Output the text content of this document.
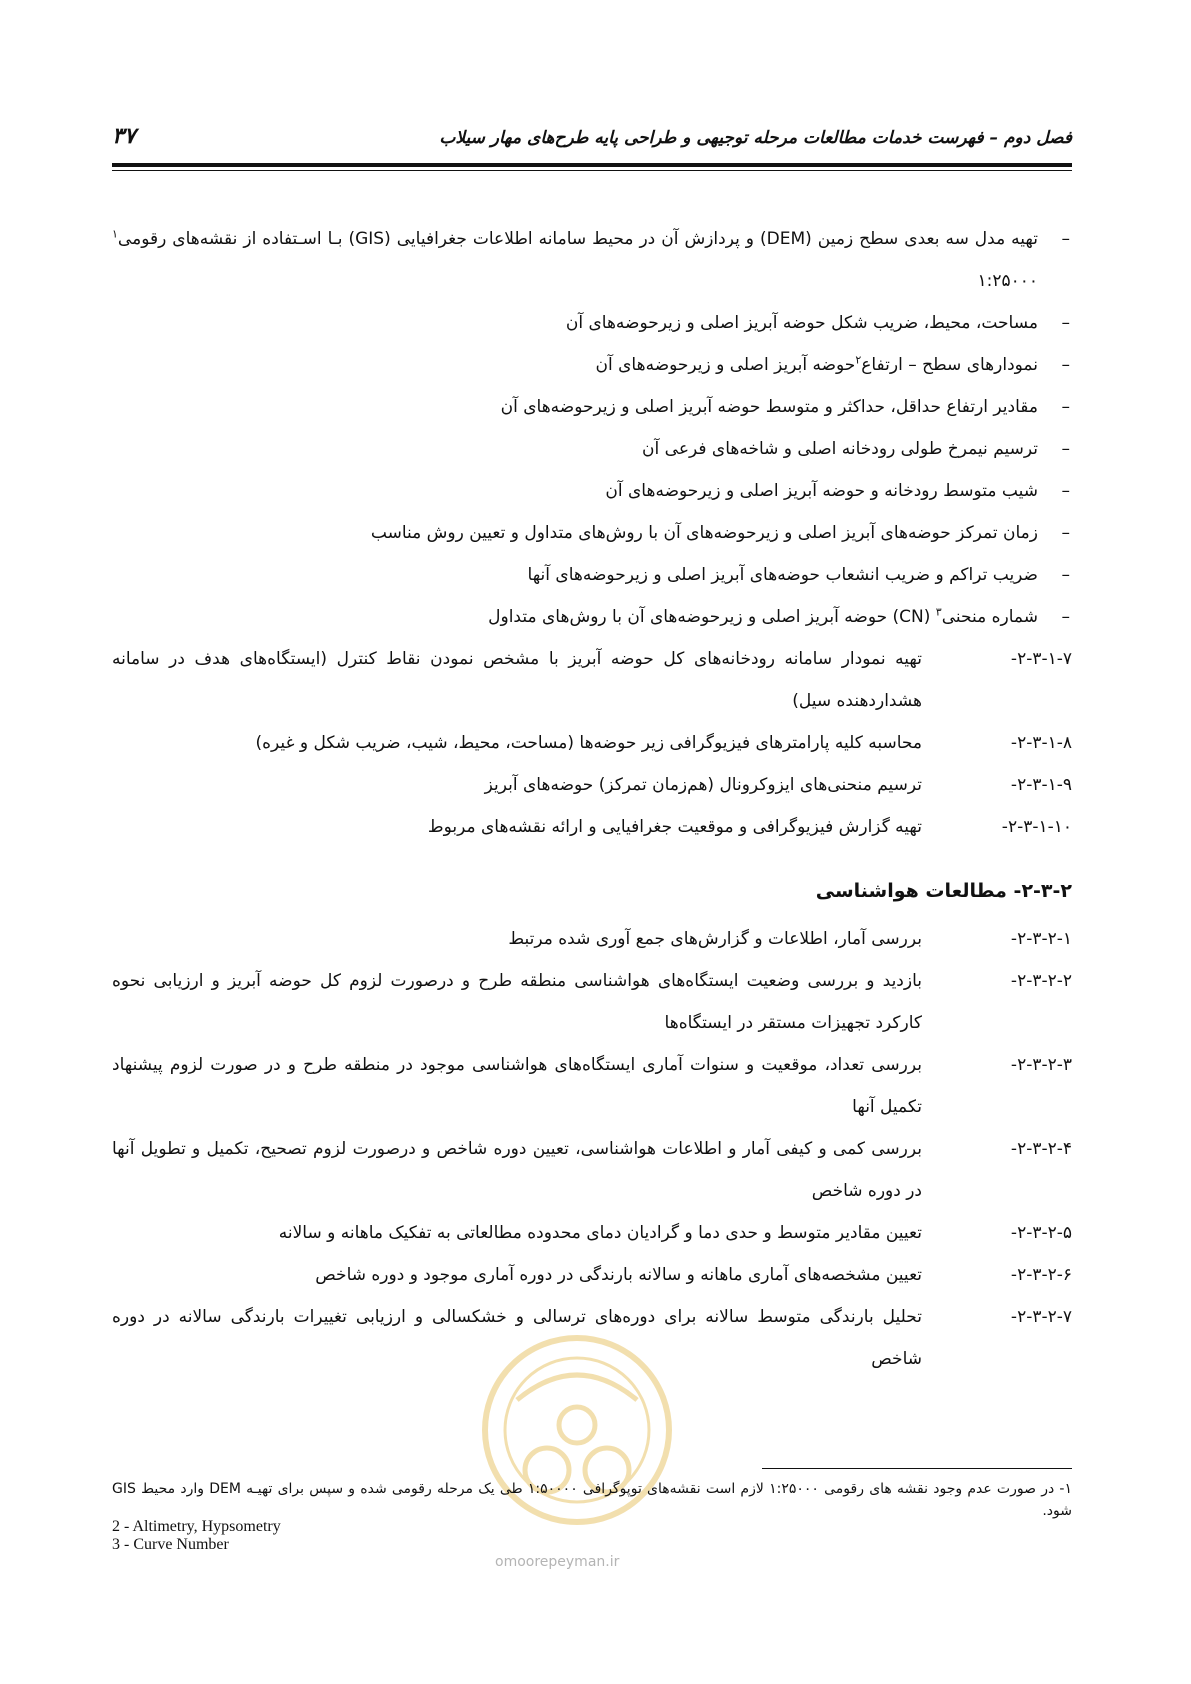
فصل دوم – فهرست خدمات مطالعات مرحله توجیهی و طراحی پایه طرح‌های مهار سیلاب
۳۷

–
تهیه مدل سه بعدی سطح زمین (DEM) و پردازش آن در محیط سامانه اطلاعات جغرافیایی (GIS) بـا اسـتفاده از نقشه‌های رقومی$^۱$ ۱:۲۵۰۰۰

–
مساحت، محیط، ضریب شکل حوضه آبریز اصلی و زیرحوضه‌های آن

–
نمودارهای سطح – ارتفاع$^۲$حوضه آبریز اصلی و زیرحوضه‌های آن

–
مقادیر ارتفاع حداقل، حداکثر و متوسط حوضه آبریز اصلی و زیرحوضه‌های آن

–
ترسیم نیمرخ طولی رودخانه اصلی و شاخه‌های فرعی آن

–
شیب متوسط رودخانه و حوضه آبریز اصلی و زیرحوضه‌های آن

–
زمان تمرکز حوضه‌های آبریز اصلی و زیرحوضه‌های آن با روش‌های متداول و تعیین روش مناسب

–
ضریب تراکم و ضریب انشعاب حوضه‌های آبریز اصلی و زیرحوضه‌های آنها

–
شماره منحنی$^۳$ (CN) حوضه آبریز اصلی و زیرحوضه‌های آن با روش‌های متداول

۲-۳-۱-۷-
تهیه نمودار سامانه رودخانه‌های کل حوضه آبریز با مشخص نمودن نقاط کنترل (ایستگاه‌های هدف در سامانه هشداردهنده سیل)

۲-۳-۱-۸-
محاسبه کلیه پارامترهای فیزیوگرافی زیر حوضه‌ها (مساحت، محیط، شیب، ضریب شکل و غیره)

۲-۳-۱-۹-
ترسیم منحنی‌های ایزوکرونال (هم‌زمان تمرکز) حوضه‌های آبریز

۲-۳-۱-۱۰-
تهیه گزارش فیزیوگرافی و موقعیت جغرافیایی و ارائه نقشه‌های مربوط

۲-۳-۲- مطالعات هواشناسی

۲-۳-۲-۱-
بررسی آمار، اطلاعات و گزارش‌های جمع آوری شده مرتبط

۲-۳-۲-۲-
بازدید و بررسی وضعیت ایستگاه‌های هواشناسی منطقه طرح و درصورت لزوم کل حوضه آبریز و ارزیابی نحوه کارکرد تجهیزات مستقر در ایستگاه‌ها

۲-۳-۲-۳-
بررسی تعداد، موقعیت و سنوات آماری ایستگاه‌های هواشناسی موجود در منطقه طرح و در صورت لزوم پیشنهاد تکمیل آنها

۲-۳-۲-۴-
بررسی کمی و کیفی آمار و اطلاعات هواشناسی، تعیین دوره شاخص و درصورت لزوم تصحیح، تکمیل و تطویل آنها در دوره شاخص

۲-۳-۲-۵-
تعیین مقادیر متوسط و حدی دما و گرادیان دمای محدوده مطالعاتی به تفکیک ماهانه و سالانه

۲-۳-۲-۶-
تعیین مشخصه‌های آماری ماهانه و سالانه بارندگی در دوره آماری موجود و دوره شاخص

۲-۳-۲-۷-
تحلیل بارندگی متوسط سالانه برای دوره‌های ترسالی و خشکسالی و ارزیابی تغییرات بارندگی سالانه در دوره شاخص

omoorepeyman.ir
۱- در صورت عدم وجود نقشه های رقومی ۱:۲۵۰۰۰ لازم است نقشه‌های توپوگرافی ۱:۵۰۰۰۰ طی یک مرحله رقومی شده و سپس برای تهیـه DEM وارد محیط GIS شود.
2 - Altimetry, Hypsometry
3 - Curve Number
